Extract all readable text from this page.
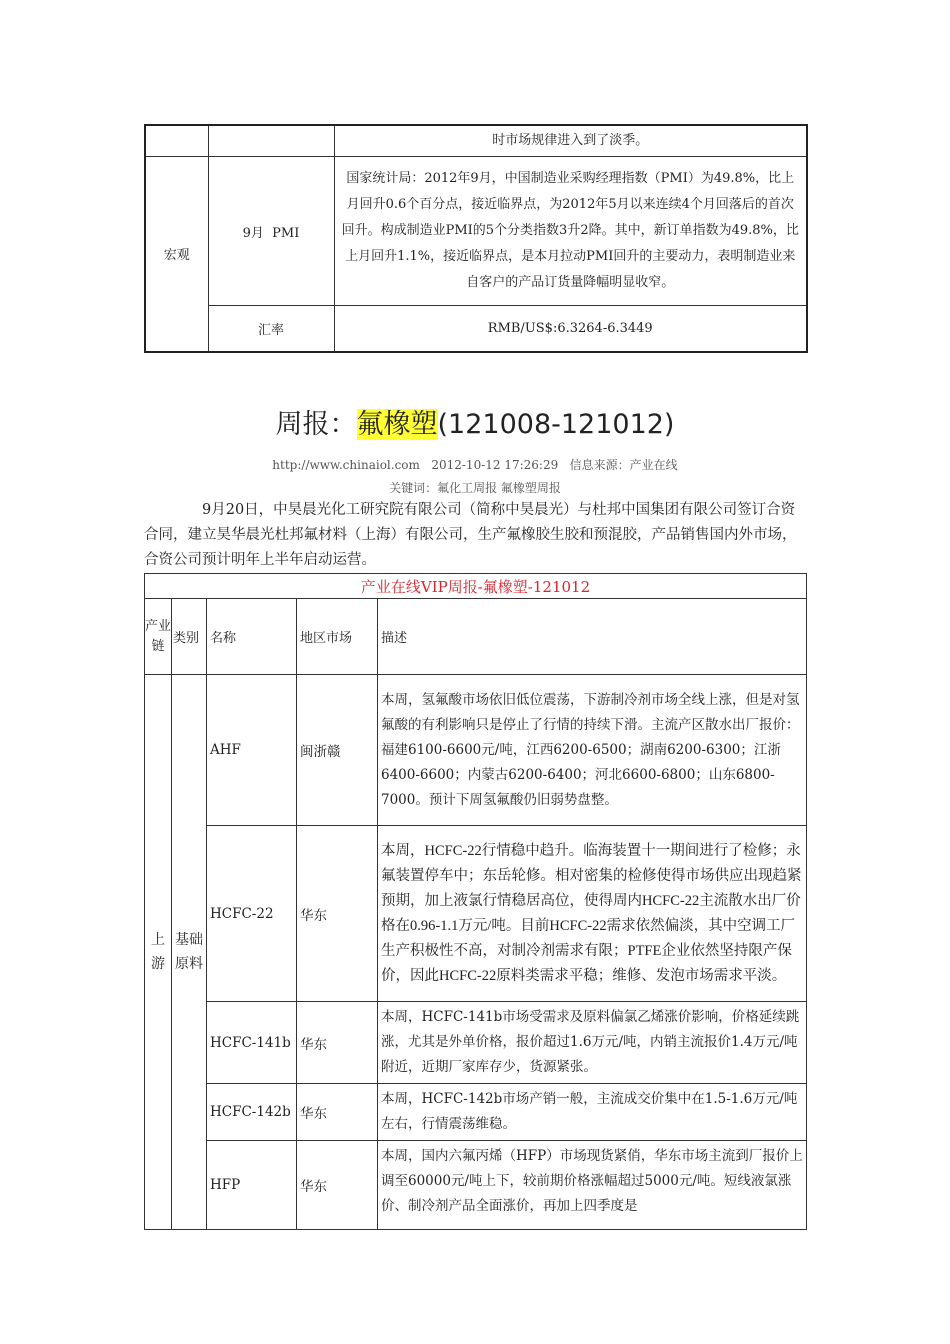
		时市场规律进入到了淡季。
宏观	9月  PMI	国家统计局：2012年9月，中国制造业采购经理指数（PMI）为49.8%，比上月回升0.6个百分点，接近临界点，为2012年5月以来连续4个月回落后的首次回升。构成制造业PMI的5个分类指数3升2降。其中，新订单指数为49.8%，比上月回升1.1%，接近临界点，是本月拉动PMI回升的主要动力，表明制造业来自客户的产品订货量降幅明显收窄。
	汇率	RMB/US$:6.3264-6.3449
周报：氟橡塑(121008-121012)
http://www.chinaiol.com   2012-10-12 17:26:29   信息来源：产业在线
关键词：氟化工周报 氟橡塑周报
9月20日，中昊晨光化工研究院有限公司（简称中昊晨光）与杜邦中国集团有限公司签订合资合同，建立昊华晨光杜邦氟材料（上海）有限公司，生产氟橡胶生胶和预混胶，产品销售国内外市场，合资公司预计明年上半年启动运营。
产业在线VIP周报-氟橡塑-121012				
产业链	类别	名称	地区市场	描述
上游	基础原料	AHF	闽浙赣	本周，氢氟酸市场依旧低位震荡，下游制冷剂市场全线上涨，但是对氢氟酸的有利影响只是停止了行情的持续下滑。主流产区散水出厂报价：福建6100-6600元/吨，江西6200-6500；湖南6200-6300；江浙6400-6600；内蒙古6200-6400；河北6600-6800；山东6800-7000。预计下周氢氟酸仍旧弱势盘整。
		HCFC-22	华东	本周，HCFC-22行情稳中趋升。临海装置十一期间进行了检修；永氟装置停车中；东岳轮修。相对密集的检修使得市场供应出现趋紧预期，加上液氯行情稳居高位，使得周内HCFC-22主流散水出厂价格在0.96-1.1万元/吨。目前HCFC-22需求依然偏淡，其中空调工厂生产积极性不高，对制冷剂需求有限；PTFE企业依然坚持限产保价，因此HCFC-22原料类需求平稳；维修、发泡市场需求平淡。
		HCFC-141b	华东	本周，HCFC-141b市场受需求及原料偏氯乙烯涨价影响，价格延续跳涨，尤其是外单价格，报价超过1.6万元/吨，内销主流报价1.4万元/吨附近，近期厂家库存少，货源紧张。
		HCFC-142b	华东	本周，HCFC-142b市场产销一般，主流成交价集中在1.5-1.6万元/吨左右，行情震荡维稳。
		HFP	华东	本周，国内六氟丙烯（HFP）市场现货紧俏，华东市场主流到厂报价上调至60000元/吨上下，较前期价格涨幅超过5000元/吨。短线液氯涨价、制冷剂产品全面涨价，再加上四季度是
